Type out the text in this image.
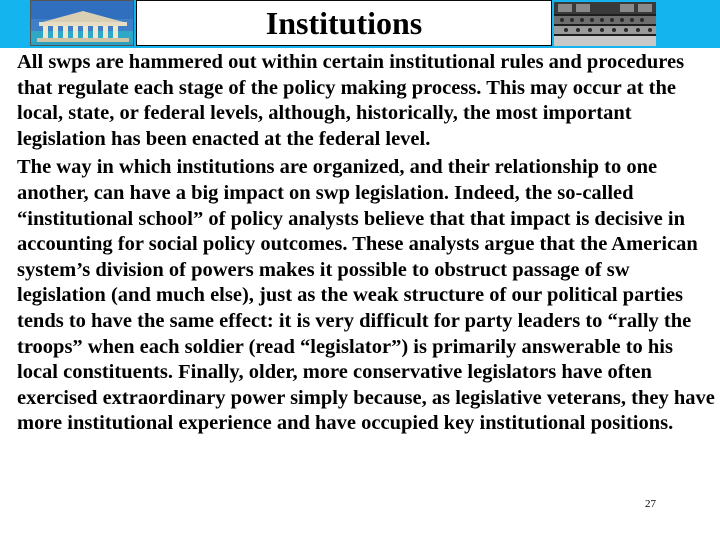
Institutions

All swps are hammered out within certain institutional rules and procedures that regulate each stage of the policy making process. This may occur at the local, state, or federal levels, although, historically, the most important legislation has been enacted at the federal level.

The way in which institutions are organized, and their relationship to one another, can have a big impact on swp legislation. Indeed, the so-called “institutional school” of policy analysts believe that that impact is decisive in accounting for social policy outcomes. These analysts argue that the American system’s division of powers makes it possible to obstruct passage of sw legislation (and much else), just as the weak structure of our political parties tends to have the same effect: it is very difficult for party leaders to “rally the troops” when each soldier (read “legislator”) is primarily answerable to his local constituents. Finally, older, more conservative legislators have often exercised extraordinary power simply because, as legislative veterans, they have more institutional experience and have occupied key institutional positions.

27
